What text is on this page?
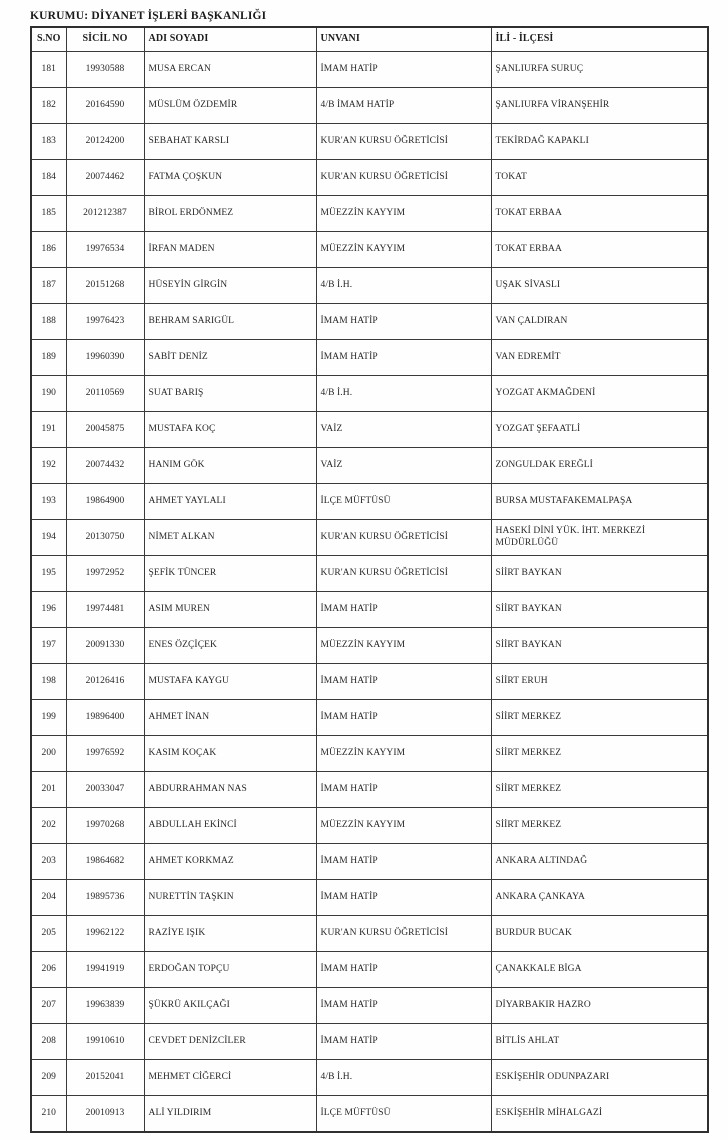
KURUMU: DİYANET İŞLERİ BAŞKANLIĞI
S.NO	SİCİL NO	ADI SOYADI	UNVANI	İLİ - İLÇESİ
181	19930588	MUSA ERCAN	İMAM HATİP	ŞANLIURFA SURUÇ
182	20164590	MÜSLÜM ÖZDEMİR	4/B İMAM HATİP	ŞANLIURFA VİRANŞEHİR
183	20124200	SEBAHAT KARSLI	KUR'AN KURSU ÖĞRETİCİSİ	TEKİRDAĞ KAPAKLI
184	20074462	FATMA ÇOŞKUN	KUR'AN KURSU ÖĞRETİCİSİ	TOKAT
185	201212387	BİROL ERDÖNMEZ	MÜEZZİN KAYYIM	TOKAT ERBAA
186	19976534	İRFAN MADEN	MÜEZZİN KAYYIM	TOKAT ERBAA
187	20151268	HÜSEYİN GİRGİN	4/B İ.H.	UŞAK SİVASLI
188	19976423	BEHRAM SARIGÜL	İMAM HATİP	VAN ÇALDIRAN
189	19960390	SABİT DENİZ	İMAM HATİP	VAN EDREMİT
190	20110569	SUAT BARIŞ	4/B İ.H.	YOZGAT AKMAĞDENİ
191	20045875	MUSTAFA KOÇ	VAİZ	YOZGAT ŞEFAATLİ
192	20074432	HANIM GÖK	VAİZ	ZONGULDAK EREĞLİ
193	19864900	AHMET YAYLALI	İLÇE MÜFTÜSÜ	BURSA MUSTAFAKEMALPAŞA
194	20130750	NİMET ALKAN	KUR'AN KURSU ÖĞRETİCİSİ	HASEKİ DİNİ YÜK. İHT. MERKEZİ MÜDÜRLÜĞÜ
195	19972952	ŞEFİK TÜNCER	KUR'AN KURSU ÖĞRETİCİSİ	SİİRT BAYKAN
196	19974481	ASIM MUREN	İMAM HATİP	SİİRT BAYKAN
197	20091330	ENES ÖZÇİÇEK	MÜEZZİN KAYYIM	SİİRT BAYKAN
198	20126416	MUSTAFA KAYGU	İMAM HATİP	SİİRT ERUH
199	19896400	AHMET İNAN	İMAM HATİP	SİİRT MERKEZ
200	19976592	KASIM KOÇAK	MÜEZZİN KAYYIM	SİİRT MERKEZ
201	20033047	ABDURRAHMAN NAS	İMAM HATİP	SİİRT MERKEZ
202	19970268	ABDULLAH EKİNCİ	MÜEZZİN KAYYIM	SİİRT MERKEZ
203	19864682	AHMET KORKMAZ	İMAM HATİP	ANKARA ALTINDAĞ
204	19895736	NURETTİN TAŞKIN	İMAM HATİP	ANKARA ÇANKAYA
205	19962122	RAZİYE IŞIK	KUR'AN KURSU ÖĞRETİCİSİ	BURDUR BUCAK
206	19941919	ERDOĞAN TOPÇU	İMAM HATİP	ÇANAKKALE BİGA
207	19963839	ŞÜKRÜ AKILÇAĞI	İMAM HATİP	DİYARBAKIR HAZRO
208	19910610	CEVDET DENİZCİLER	İMAM HATİP	BİTLİS AHLAT
209	20152041	MEHMET CİĞERCİ	4/B İ.H.	ESKİŞEHİR ODUNPAZARI
210	20010913	ALİ YILDIRIM	İLÇE MÜFTÜSÜ	ESKİŞEHİR MİHALGAZİ
